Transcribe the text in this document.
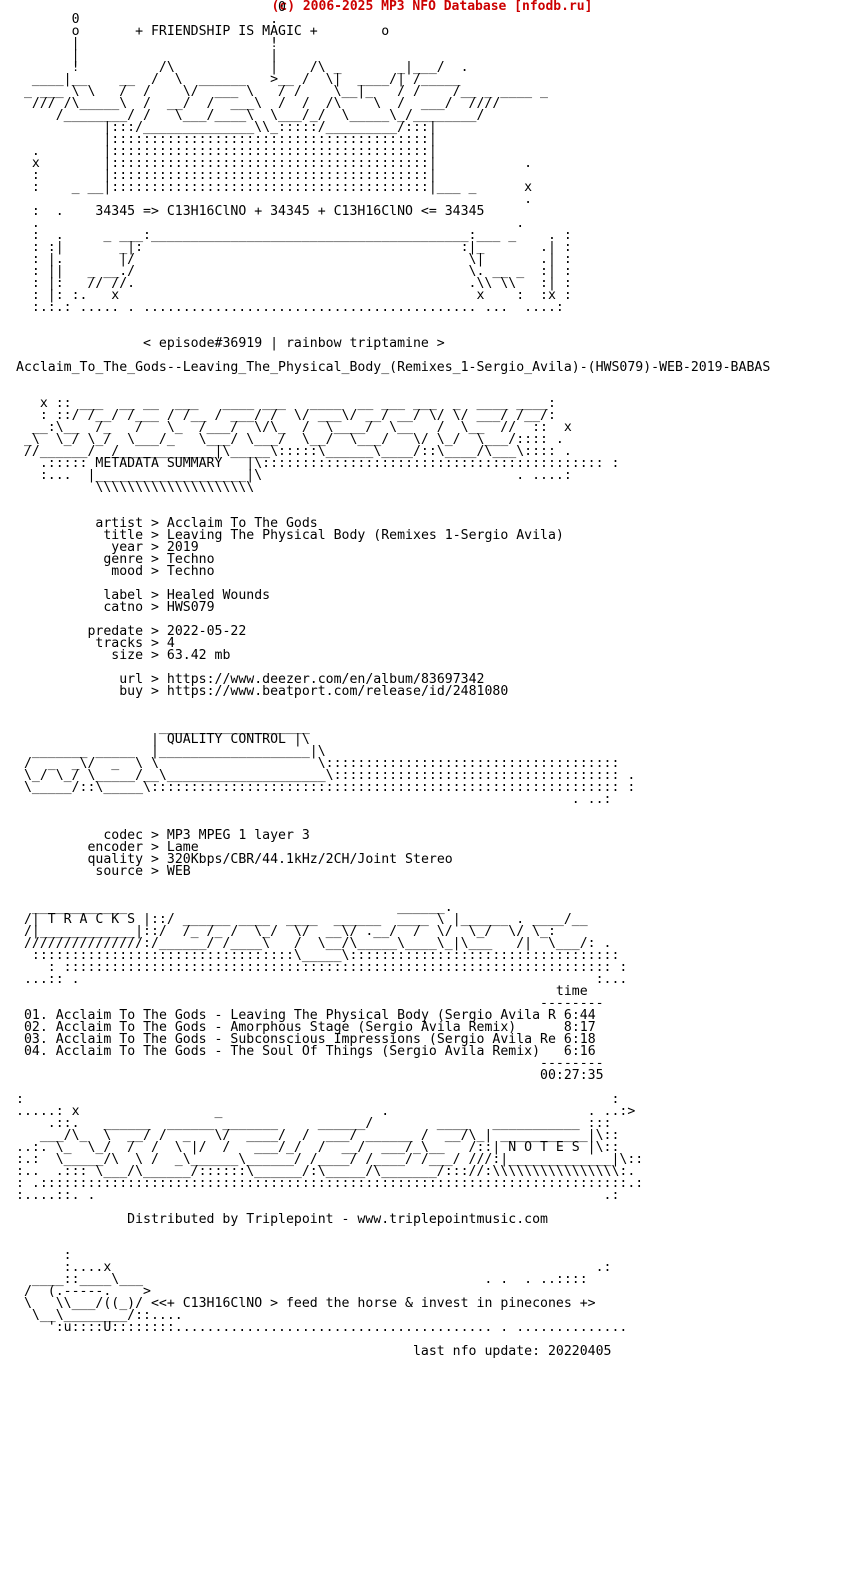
(c) 2006-2025 MP3 NFO Database [nfodb.ru]
0
0                        .
o	+ FRIENDSHIP IS MAGIC +	o
|                        !
|                        |
!          /\            |    /\ _       _|___/  .
____|__    __  /  \  ______   >__ /  \|  ____/| /_____
_ ___ \ \   /  /    \/  ___ \   / /    \__|_   / /    /__ _ ____ _
/// /\_____\  /  __/  /  ___\  /  /  /\    \  /  ___/  ////
/________/ /   \___/____\  \___/_/  \_____\_/________/
|:::/______________\\_:::::/_________/:::|
|::::::::::::::::::::::::::::::::::::::::|
.        |::::::::::::::::::::::::::::::::::::::::|
x        |::::::::::::::::::::::::::::::::::::::::|           .
:        |::::::::::::::::::::::::::::::::::::::::|
:    _ __|::::::::::::::::::::::::::::::::::::::::|___ _      x
.
:  .    34345 => C13H16ClNO + 34345 + C13H16ClNO <= 34345
.                                                            .
:  .     _ ___:________________________________________:___ _    . :
: :|       _|:                                        :|_       .| :
: |.       |/                                          \|       .| :
: ||   _ __./                                          \. __ _  :| :
: |:   // //.                                          .\\ \\   :| :
: |: :.   x                                             x    :  :x :
:.:.: ..... . .......................................... ...  ....:

< episode#36919 | rainbow triptamine >

Acclaim_To_The_Gods--Leaving_The_Physical_Body_(Remixes_1-Sergio_Avila)-(HWS079)-WEB-2019-BABAS

x :: ___  __ __  ___   ____ ___   ____  __ ___ ___  _  ____ ____:
: ::/ /__/ /___ / /__ / ___/ /  \/ ___\/ __/ __/ \/ \/ ___/ /__/:
__:\__  /_   /   \_  /___/  \/\_  /  \____/  \__   /  \__  //  ::  x
_\  \_/ \_/  \___/_   \___/ \___/  \__/  \___/   \/ \_/  \___/:::: .
//______/  /____________|\_____\:::::\______\____/::\____/\___\:::: .
.::::: METADATA SUMMARY   |\::::::::::::::::::::::::::::::::::::::::::: :
:...  |___________________|\                                . ....:
\\\\\\\\\\\\\\\\\\\\

artist > Acclaim To The Gods
title > Leaving The Physical Body (Remixes 1-Sergio Avila)
year > 2019
genre > Techno
mood > Techno

label > Healed Wounds
catno > HWS079

predate > 2022-05-22
tracks > 4
size > 63.42 mb

url > https://www.deezer.com/en/album/83697342
buy > https://www.beatport.com/release/id/2481080

___________________
| QUALITY CONTROL |\
_______ _____  |___________________|\
/  _  _\/  _  \ \                    \:::::::::::::::::::::::::::::::::::::
\_/ \_/ \_____/__\____________________\:::::::::::::::::::::::::::::::::::: .
\_____/::\_____\::::::::::::::::::::::::::::::::::::::::::::::::::::::::::: :
. ..:

codec > MP3 MPEG 1 layer 3
encoder > Lame
quality > 320Kbps/CBR/44.1kHz/2CH/Joint Stereo
source > WEB

____________                                  ______.
/| T R A C K S |::/ ______ ____  ____  ______  ____ \ |______ . ____/__
/|____________|::/  /_ /_ /  \_/  \/  __\/ .__/  /  \/  \_/  \/ \_:
///////////////:/______/ /____\   /  \__/\_____\____\_|\___   /|  \___/: .
:::::::::::::::::::::::::::::::::\_____\::::::::::::::::::::::::::::::::::
: ::::::::::::::::::::::::::::::::::::::::::::::::::::::::::::::::::::: :
...:: .                                                                 :...
time
--------
01. Acclaim To The Gods - Leaving The Physical Body (Sergio Avila R 6:44
02. Acclaim To The Gods - Amorphous Stage (Sergio Avila Remix)	8:17
03. Acclaim To The Gods - Subconscious Impressions (Sergio Avila Re 6:18
04. Acclaim To The Gods - The Soul Of Things (Sergio Avila Remix) 6:16
--------
00:27:35

:                                                                          :
.....: x                 _                    .                         . ..:>
.::.   ______  ______ _______     ______/        ____   ___________ :::
___/\_  \  __/ /  _   \/  ____/  /  ___/ ______ /  __/\_| ___________|\::
..:. \_  \_/  /  /  \ |/  /   ___/_/  /  __/  ___/_\__   /::| N O T E S |\::
:.:  \_____/\  \ /  _\______\______/ /____/ /____/ /___/ ///:|_____________|\::
:..  .::: \___/\______/::::::\______/:\_____/\_______/::://:\\\\\\\\\\\\\\\\:.
: .::::::::::::::::::::::::::::::::::::::::::::::::::::::::::::::::::::::::::.:
:....::. .                                                                .:

Distributed by Triplepoint - www.triplepointmusic.com

:
:....x                                                             .:
____::____\___                                           . .  . ..::::
/  (.-----.    >
\   \\___/((_)/ <<+ C13H16ClNO > feed the horse & invest in pinecones +>
\__\________/::....
':u::::U::::::::........................................ . ..............

last nfo update: 20220405
